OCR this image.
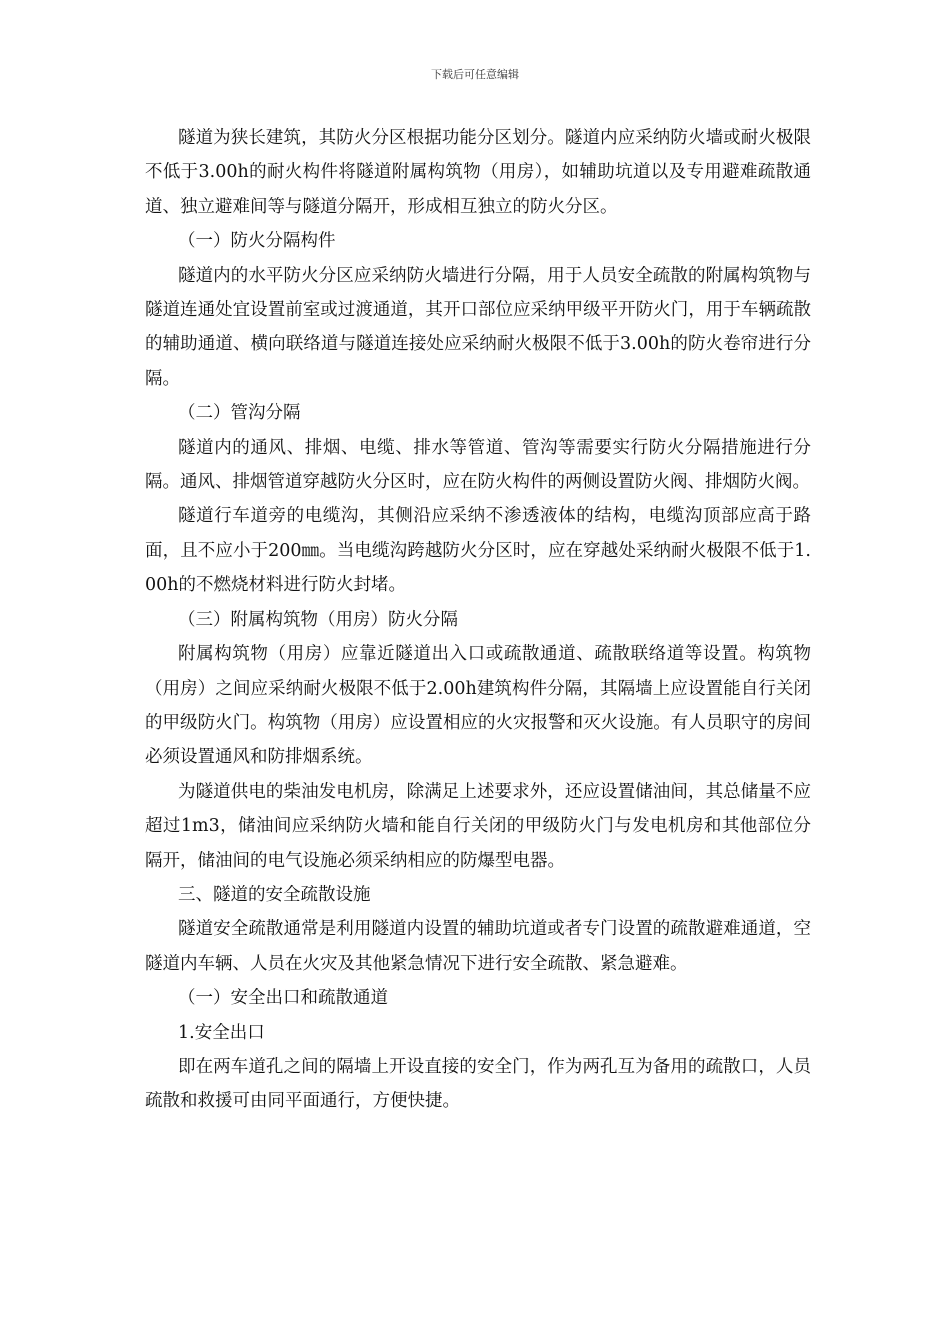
下载后可任意编辑

隧道为狭长建筑，其防火分区根据功能分区划分。隧道内应采纳防火墙或耐火极限不低于3.00h的耐火构件将隧道附属构筑物（用房），如辅助坑道以及专用避难疏散通道、独立避难间等与隧道分隔开，形成相互独立的防火分区。

（一）防火分隔构件

隧道内的水平防火分区应采纳防火墙进行分隔，用于人员安全疏散的附属构筑物与隧道连通处宜设置前室或过渡通道，其开口部位应采纳甲级平开防火门，用于车辆疏散的辅助通道、横向联络道与隧道连接处应采纳耐火极限不低于3.00h的防火卷帘进行分隔。

（二）管沟分隔

隧道内的通风、排烟、电缆、排水等管道、管沟等需要实行防火分隔措施进行分隔。通风、排烟管道穿越防火分区时，应在防火构件的两侧设置防火阀、排烟防火阀。

隧道行车道旁的电缆沟，其侧沿应采纳不渗透液体的结构，电缆沟顶部应高于路面，且不应小于200㎜。当电缆沟跨越防火分区时，应在穿越处采纳耐火极限不低于1.00h的不燃烧材料进行防火封堵。

（三）附属构筑物（用房）防火分隔

附属构筑物（用房）应靠近隧道出入口或疏散通道、疏散联络道等设置。构筑物（用房）之间应采纳耐火极限不低于2.00h建筑构件分隔，其隔墙上应设置能自行关闭的甲级防火门。构筑物（用房）应设置相应的火灾报警和灭火设施。有人员职守的房间必须设置通风和防排烟系统。

为隧道供电的柴油发电机房，除满足上述要求外，还应设置储油间，其总储量不应超过1m3，储油间应采纳防火墙和能自行关闭的甲级防火门与发电机房和其他部位分隔开，储油间的电气设施必须采纳相应的防爆型电器。

三、隧道的安全疏散设施

隧道安全疏散通常是利用隧道内设置的辅助坑道或者专门设置的疏散避难通道，空隧道内车辆、人员在火灾及其他紧急情况下进行安全疏散、紧急避难。

（一）安全出口和疏散通道

1.安全出口

即在两车道孔之间的隔墙上开设直接的安全门，作为两孔互为备用的疏散口，人员疏散和救援可由同平面通行，方便快捷。
